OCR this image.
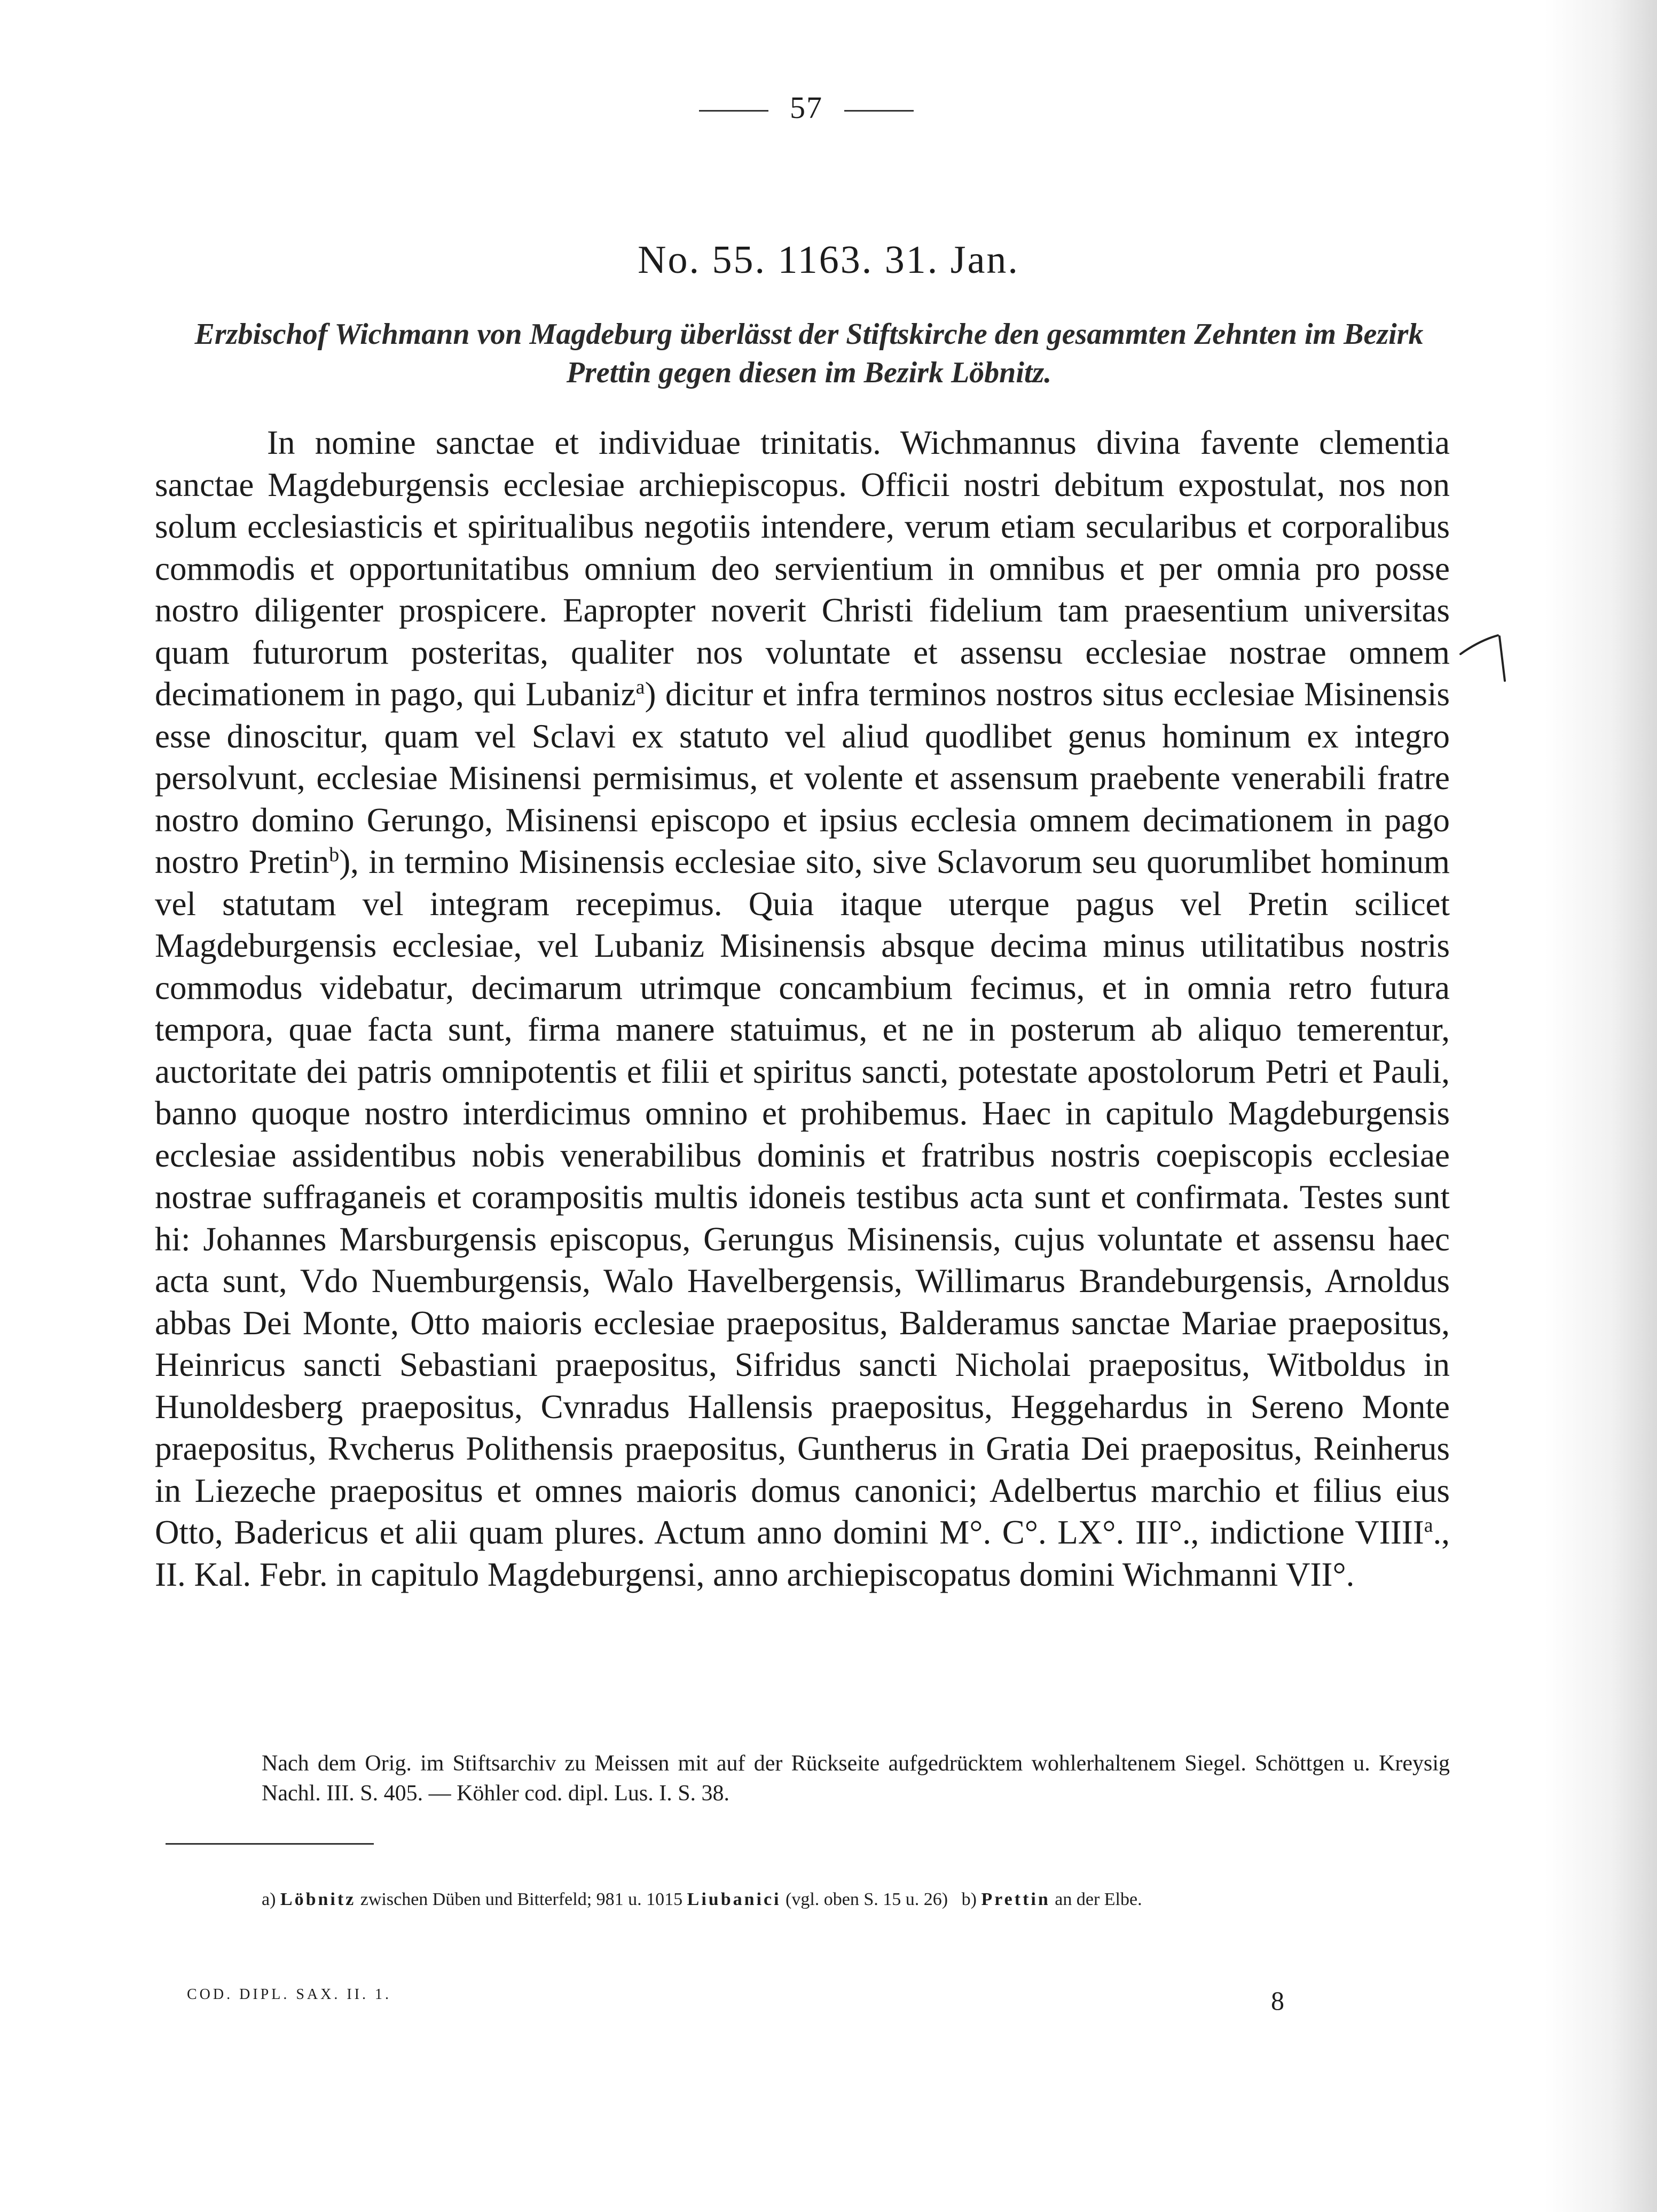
57
No. 55. 1163. 31. Jan.
Erzbischof Wichmann von Magdeburg überlässt der Stiftskirche den gesammten Zehnten im Bezirk Prettin gegen diesen im Bezirk Löbnitz.
In nomine sanctae et individuae trinitatis. Wichmannus divina favente clementia sanctae Magdeburgensis ecclesiae archiepiscopus. Officii nostri debitum expostulat, nos non solum ecclesiasticis et spiritualibus negotiis intendere, verum etiam secularibus et corporalibus commodis et opportunitatibus omnium deo servientium in omnibus et per omnia pro posse nostro diligenter prospicere. Eapropter noverit Christi fidelium tam praesentium universitas quam futurorum posteritas, qualiter nos voluntate et assensu ecclesiae nostrae omnem decimationem in pago, qui Lubaniz$^a$) dicitur et infra terminos nostros situs ecclesiae Misinensis esse dinoscitur, quam vel Sclavi ex statuto vel aliud quodlibet genus hominum ex integro persolvunt, ecclesiae Misinensi permisimus, et volente et assensum praebente venerabili fratre nostro domino Gerungo, Misinensi episcopo et ipsius ecclesia omnem decimationem in pago nostro Pretin$^b$), in termino Misinensis ecclesiae sito, sive Sclavorum seu quorumlibet hominum vel statutam vel integram recepimus. Quia itaque uterque pagus vel Pretin scilicet Magdeburgensis ecclesiae, vel Lubaniz Misinensis absque decima minus utilitatibus nostris commodus videbatur, decimarum utrimque concambium fecimus, et in omnia retro futura tempora, quae facta sunt, firma manere statuimus, et ne in posterum ab aliquo temerentur, auctoritate dei patris omnipotentis et filii et spiritus sancti, potestate apostolorum Petri et Pauli, banno quoque nostro interdicimus omnino et prohibemus. Haec in capitulo Magdeburgensis ecclesiae assidentibus nobis venerabilibus dominis et fratribus nostris coepiscopis ecclesiae nostrae suffraganeis et corampositis multis idoneis testibus acta sunt et confirmata. Testes sunt hi: Johannes Marsburgensis episcopus, Gerungus Misinensis, cujus voluntate et assensu haec acta sunt, Vdo Nuemburgensis, Walo Havelbergensis, Willimarus Brandeburgensis, Arnoldus abbas Dei Monte, Otto maioris ecclesiae praepositus, Balderamus sanctae Mariae praepositus, Heinricus sancti Sebastiani praepositus, Sifridus sancti Nicholai praepositus, Witboldus in Hunoldesberg praepositus, Cvnradus Hallensis praepositus, Heggehardus in Sereno Monte praepositus, Rvcherus Polithensis praepositus, Guntherus in Gratia Dei praepositus, Reinherus in Liezeche praepositus et omnes maioris domus canonici; Adelbertus marchio et filius eius Otto, Badericus et alii quam plures. Actum anno domini M°. C°. LX°. III°., indictione VIIII$^a$., II. Kal. Febr. in capitulo Magdeburgensi, anno archiepiscopatus domini Wichmanni VII°.
Nach dem Orig. im Stiftsarchiv zu Meissen mit auf der Rückseite aufgedrücktem wohlerhaltenem Siegel. Schöttgen u. Kreysig Nachl. III. S. 405. — Köhler cod. dipl. Lus. I. S. 38.
a) Löbnitz zwischen Düben und Bitterfeld; 981 u. 1015 Liubanici (vgl. oben S. 15 u. 26) b) Prettin an der Elbe.
COD. DIPL. SAX. II. 1.	8
